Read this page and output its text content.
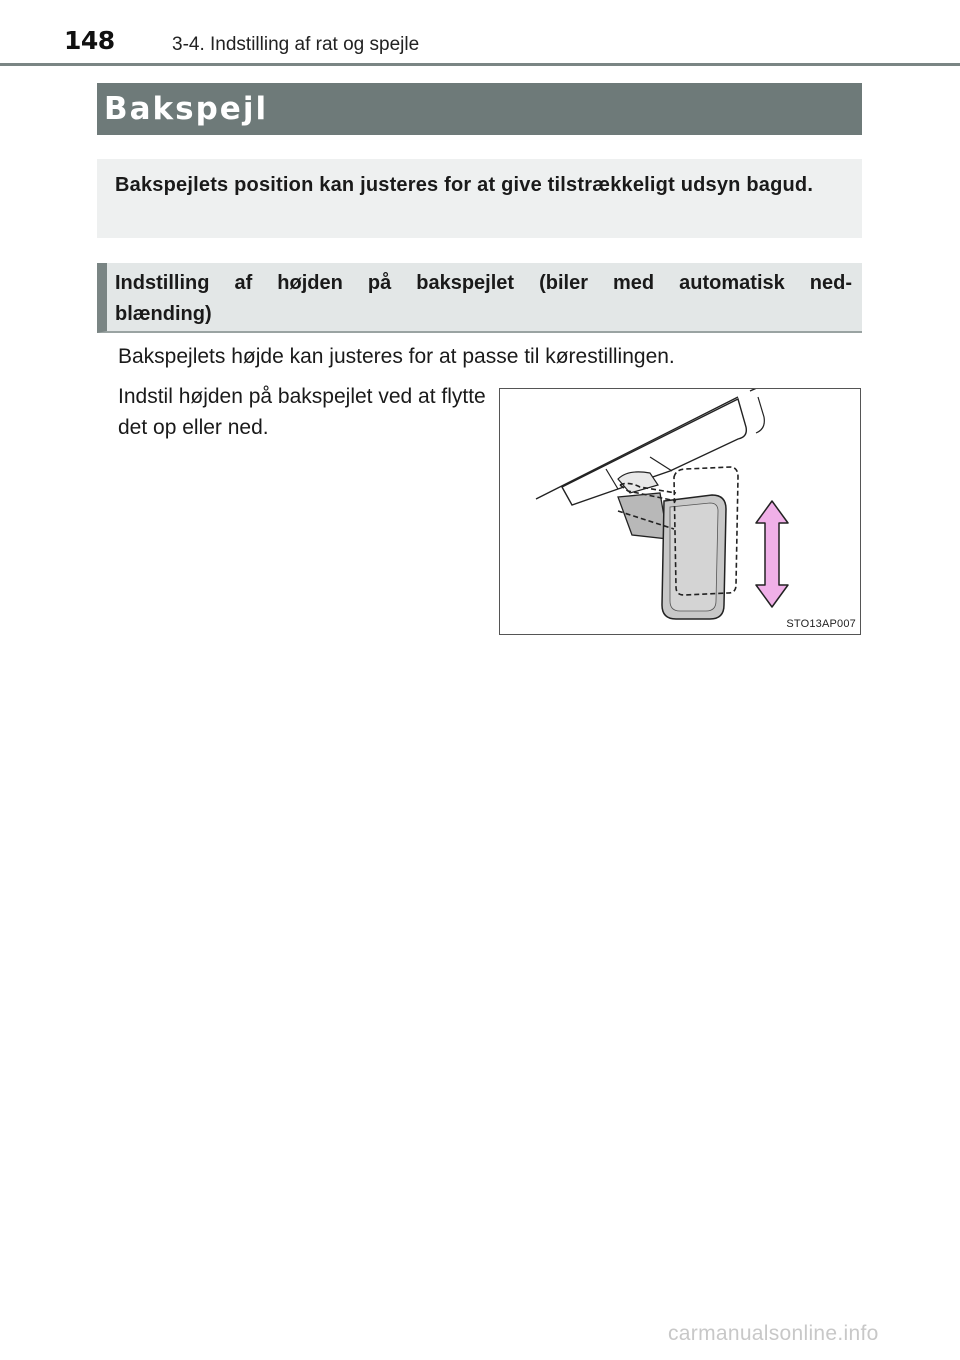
148	3-4. Indstilling af rat og spejle
Bakspejl
Bakspejlets position kan justeres for at give tilstrækkeligt udsyn bagud.
Indstilling af højden på bakspejlet (biler med automatisk ned-
blænding)
Bakspejlets højde kan justeres for at passe til kørestillingen.
Indstil højden på bakspejlet ved at flytte det op eller ned.
STO13AP007
carmanualsonline.info
